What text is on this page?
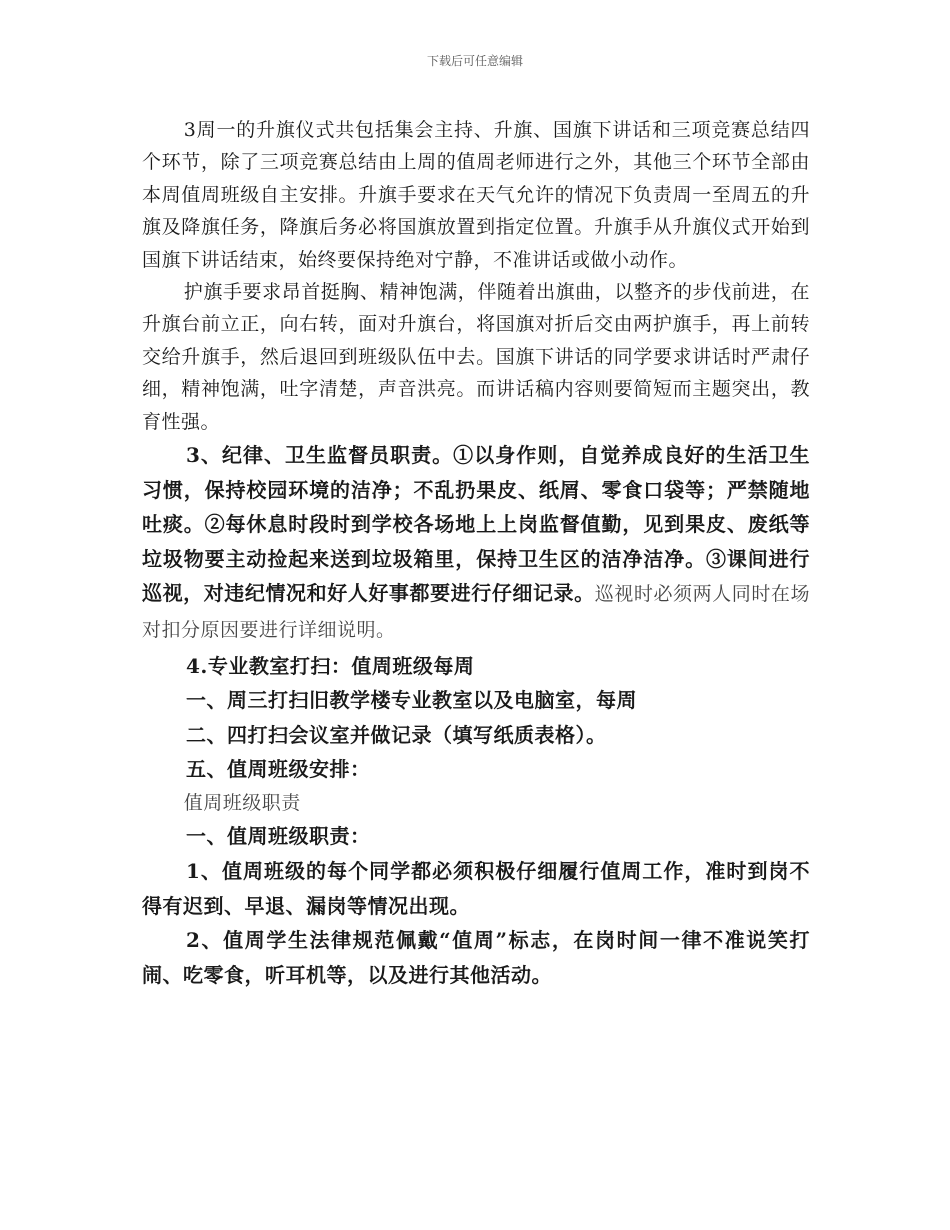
下载后可任意编辑

3周一的升旗仪式共包括集会主持、升旗、国旗下讲话和三项竞赛总结四个环节，除了三项竞赛总结由上周的值周老师进行之外，其他三个环节全部由本周值周班级自主安排。升旗手要求在天气允许的情况下负责周一至周五的升旗及降旗任务，降旗后务必将国旗放置到指定位置。升旗手从升旗仪式开始到国旗下讲话结束，始终要保持绝对宁静，不准讲话或做小动作。

护旗手要求昂首挺胸、精神饱满，伴随着出旗曲，以整齐的步伐前进，在升旗台前立正，向右转，面对升旗台，将国旗对折后交由两护旗手，再上前转交给升旗手，然后退回到班级队伍中去。国旗下讲话的同学要求讲话时严肃仔细，精神饱满，吐字清楚，声音洪亮。而讲话稿内容则要简短而主题突出，教育性强。

3、纪律、卫生监督员职责。①以身作则，自觉养成良好的生活卫生习惯，保持校园环境的洁净；不乱扔果皮、纸屑、零食口袋等；严禁随地吐痰。②每休息时段时到学校各场地上上岗监督值勤，见到果皮、废纸等垃圾物要主动捡起来送到垃圾箱里，保持卫生区的洁净洁净。③课间进行巡视，对违纪情况和好人好事都要进行仔细记录。巡视时必须两人同时在场对扣分原因要进行详细说明。

4.专业教室打扫：值周班级每周

一、周三打扫旧教学楼专业教室以及电脑室，每周

二、四打扫会议室并做记录（填写纸质表格）。

五、值周班级安排：

值周班级职责

一、值周班级职责：

1、值周班级的每个同学都必须积极仔细履行值周工作，准时到岗不得有迟到、早退、漏岗等情况出现。

2、值周学生法律规范佩戴“值周”标志，在岗时间一律不准说笑打闹、吃零食，听耳机等，以及进行其他活动。
